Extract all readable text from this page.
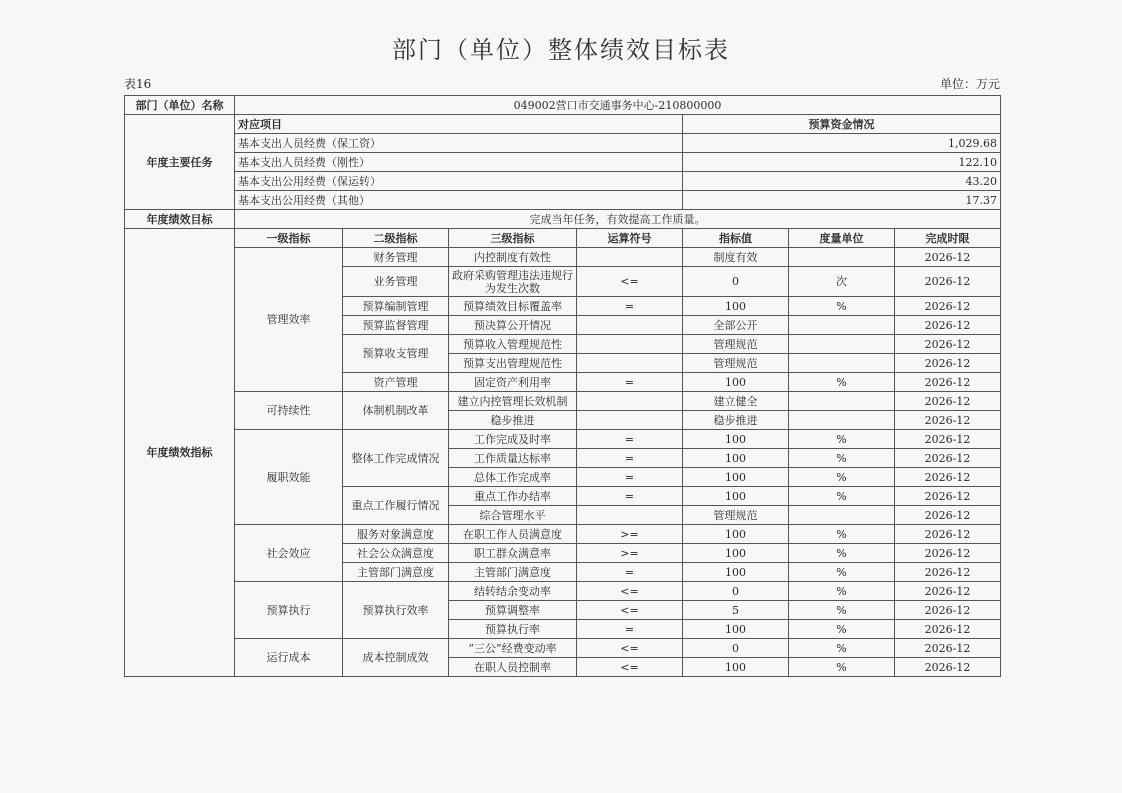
部门（单位）整体绩效目标表
表16	单位：万元
部门（单位）名称	049002营口市交通事务中心-210800000						
年度主要任务	对应项目				预算资金情况		
	基本支出人员经费（保工资）				1,029.68		
	基本支出人员经费（刚性）				122.10		
	基本支出公用经费（保运转）				43.20		
	基本支出公用经费（其他）				17.37		
年度绩效目标	完成当年任务，有效提高工作质量。						
年度绩效指标	一级指标	二级指标	三级指标	运算符号	指标值	度量单位	完成时限
	管理效率	财务管理	内控制度有效性		制度有效		2026-12
		业务管理	政府采购管理违法违规行为发生次数	<=	0	次	2026-12
		预算编制管理	预算绩效目标覆盖率	=	100	%	2026-12
		预算监督管理	预决算公开情况		全部公开		2026-12
		预算收支管理	预算收入管理规范性		管理规范		2026-12
			预算支出管理规范性		管理规范		2026-12
		资产管理	固定资产利用率	=	100	%	2026-12
	可持续性	体制机制改革	建立内控管理长效机制		建立健全		2026-12
			稳步推进		稳步推进		2026-12
	履职效能	整体工作完成情况	工作完成及时率	=	100	%	2026-12
			工作质量达标率	=	100	%	2026-12
			总体工作完成率	=	100	%	2026-12
		重点工作履行情况	重点工作办结率	=	100	%	2026-12
			综合管理水平		管理规范		2026-12
	社会效应	服务对象满意度	在职工作人员满意度	>=	100	%	2026-12
		社会公众满意度	职工群众满意率	>=	100	%	2026-12
		主管部门满意度	主管部门满意度	=	100	%	2026-12
	预算执行	预算执行效率	结转结余变动率	<=	0	%	2026-12
			预算调整率	<=	5	%	2026-12
			预算执行率	=	100	%	2026-12
	运行成本	成本控制成效	“三公”经费变动率	<=	0	%	2026-12
			在职人员控制率	<=	100	%	2026-12
